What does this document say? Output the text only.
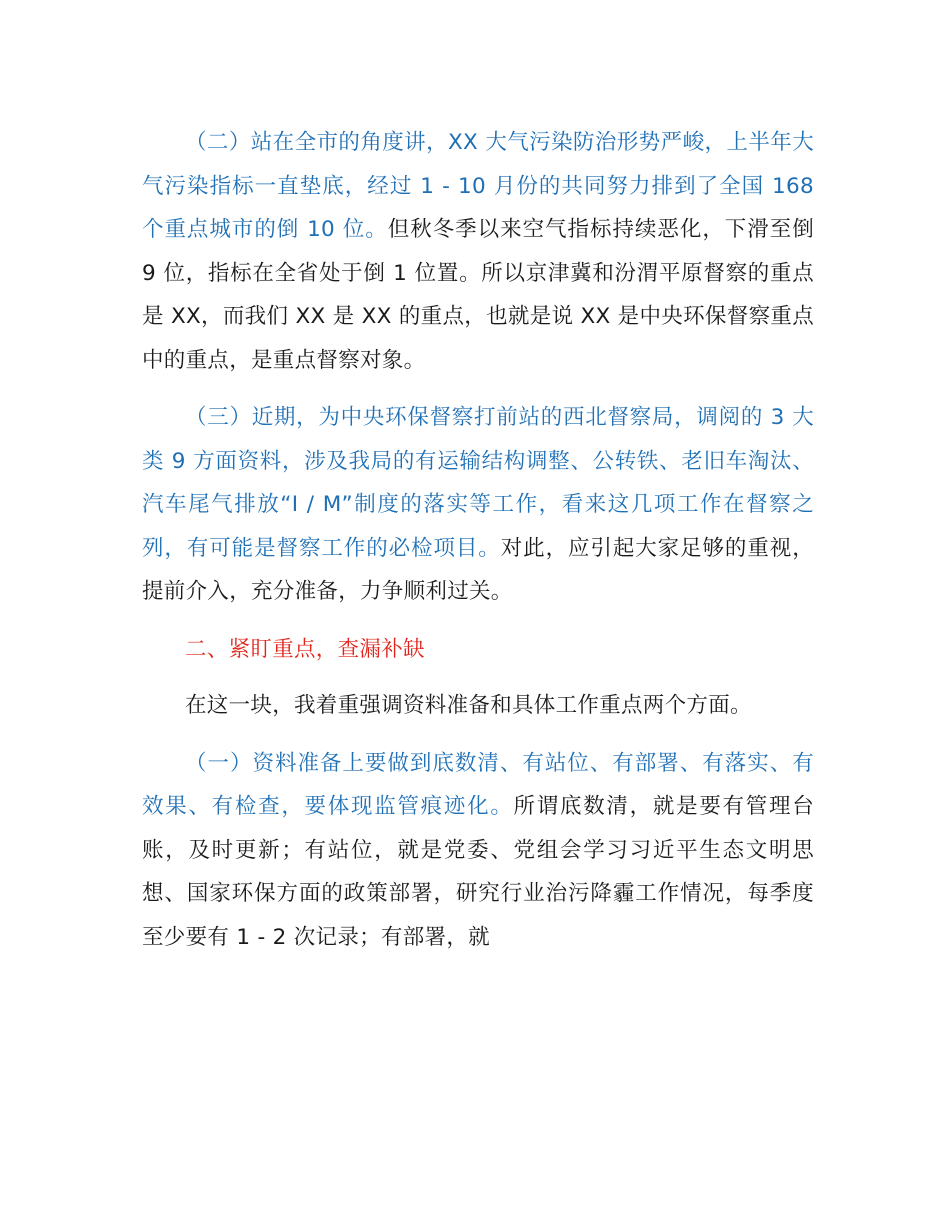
（二）站在全市的角度讲，XX 大气污染防治形势严峻，上半年大气污染指标一直垫底，经过 1 - 10 月份的共同努力排到了全国 168 个重点城市的倒 10 位。但秋冬季以来空气指标持续恶化，下滑至倒 9 位，指标在全省处于倒 1 位置。所以京津冀和汾渭平原督察的重点是 XX，而我们 XX 是 XX 的重点，也就是说 XX 是中央环保督察重点中的重点，是重点督察对象。

（三）近期，为中央环保督察打前站的西北督察局，调阅的 3 大类 9 方面资料，涉及我局的有运输结构调整、公转铁、老旧车淘汰、汽车尾气排放“I / M”制度的落实等工作，看来这几项工作在督察之列，有可能是督察工作的必检项目。对此，应引起大家足够的重视，提前介入，充分准备，力争顺利过关。

二、紧盯重点，查漏补缺

在这一块，我着重强调资料准备和具体工作重点两个方面。

（一）资料准备上要做到底数清、有站位、有部署、有落实、有效果、有检查，要体现监管痕迹化。所谓底数清，就是要有管理台账，及时更新；有站位，就是党委、党组会学习习近平生态文明思想、国家环保方面的政策部署，研究行业治污降霾工作情况，每季度至少要有 1 - 2 次记录；有部署，就
